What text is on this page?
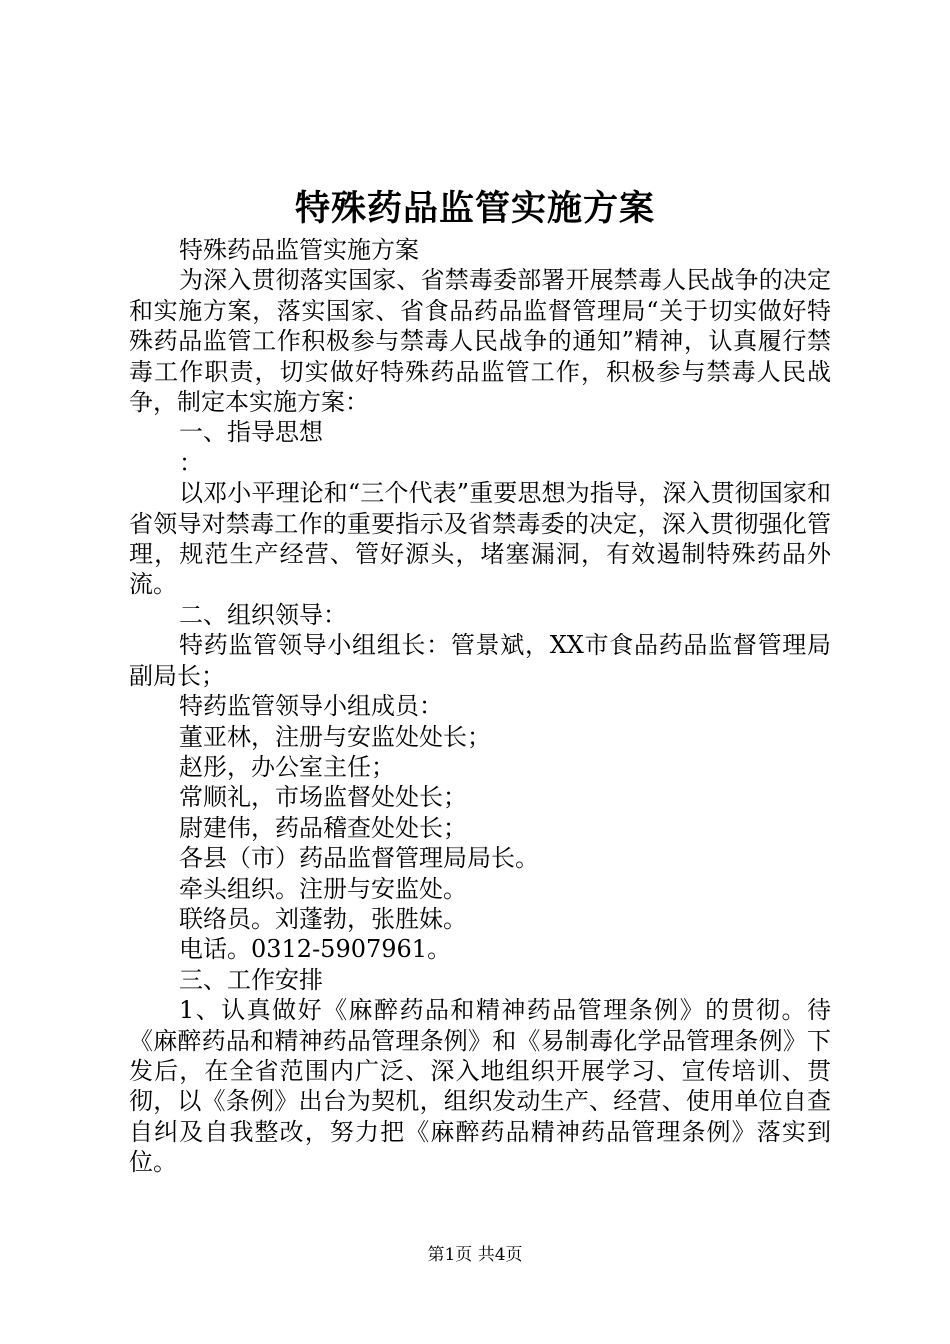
特殊药品监管实施方案

特殊药品监管实施方案

为深入贯彻落实国家、省禁毒委部署开展禁毒人民战争的决定和实施方案，落实国家、省食品药品监督管理局“关于切实做好特殊药品监管工作积极参与禁毒人民战争的通知”精神，认真履行禁毒工作职责，切实做好特殊药品监管工作，积极参与禁毒人民战争，制定本实施方案：

一、指导思想

：

以邓小平理论和“三个代表”重要思想为指导，深入贯彻国家和省领导对禁毒工作的重要指示及省禁毒委的决定，深入贯彻强化管理，规范生产经营、管好源头，堵塞漏洞，有效遏制特殊药品外流。

二、组织领导：

特药监管领导小组组长：管景斌，XX市食品药品监督管理局副局长；

特药监管领导小组成员：

董亚林，注册与安监处处长；

赵彤，办公室主任；

常顺礼，市场监督处处长；

尉建伟，药品稽查处处长；

各县（市）药品监督管理局局长。

牵头组织。注册与安监处。

联络员。刘蓬勃，张胜妹。

电话。0312-5907961。

三、工作安排

1、认真做好《麻醉药品和精神药品管理条例》的贯彻。待《麻醉药品和精神药品管理条例》和《易制毒化学品管理条例》下发后，在全省范围内广泛、深入地组织开展学习、宣传培训、贯彻，以《条例》出台为契机，组织发动生产、经营、使用单位自查自纠及自我整改，努力把《麻醉药品精神药品管理条例》落实到位。

第1页 共4页
